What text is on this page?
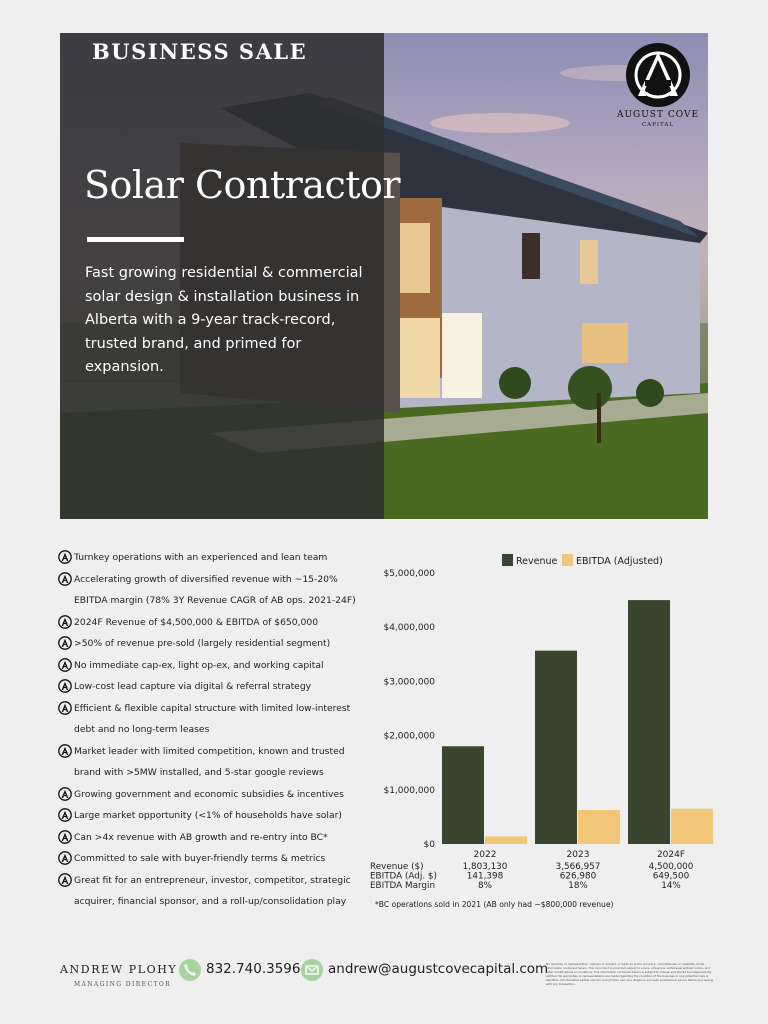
BUSINESS SALE
Solar Contractor
Fast growing residential & commercial solar design & installation business in Alberta with a 9-year track-record, trusted brand, and primed for expansion.
AUGUST COVE
CAPITAL
Turnkey operations with an experienced and lean team
Accelerating growth of diversified revenue with ~15-20% EBITDA margin (78% 3Y Revenue CAGR of AB ops. 2021-24F)
2024F Revenue of $4,500,000 & EBITDA of $650,000
>50% of revenue pre-sold (largely residential segment)
No immediate cap-ex, light op-ex, and working capital
Low-cost lead capture via digital & referral strategy
Efficient & flexible capital structure with limited low-interest debt and no long-term leases
Market leader with limited competition, known and trusted brand with >5MW installed, and 5-star google reviews
Growing government and economic subsidies & incentives
Large market opportunity (<1% of households have solar)
Can >4x revenue with AB growth and re-entry into BC*
Committed to sale with buyer-friendly terms & metrics
Great fit for an entrepreneur, investor, competitor, strategic acquirer, financial sponsor, and a roll-up/consolidation play
Revenue EBITDA (Adjusted)
$0
$1,000,000
$2,000,000
$3,000,000
$4,000,000
$5,000,000
2022	2023	2024F
Revenue ($)	1,803,130	3,566,957	4,500,000
EBITDA (Adj. $)	141,398	626,980	649,500
EBITDA Margin	8%	18%	14%
*BC operations sold in 2021 (AB only had ~$800,000 revenue)
ANDREW PLOHY
MANAGING DIRECTOR
832.740.3596 andrew@augustcovecapital.com
No warranty or representation, express or implied, is made as to the accuracy, completeness, or reliability of the information contained herein. This document is provided subject to errors, omissions, withdrawal without notice, and other modifications or conditions. The information contained herein is subject to change and should be independently verified. No warranties or representations are made regarding the condition of the business or any potential risks or liabilities. All interested parties should conduct their own due diligence and seek professional advice before proceeding with any transaction.
